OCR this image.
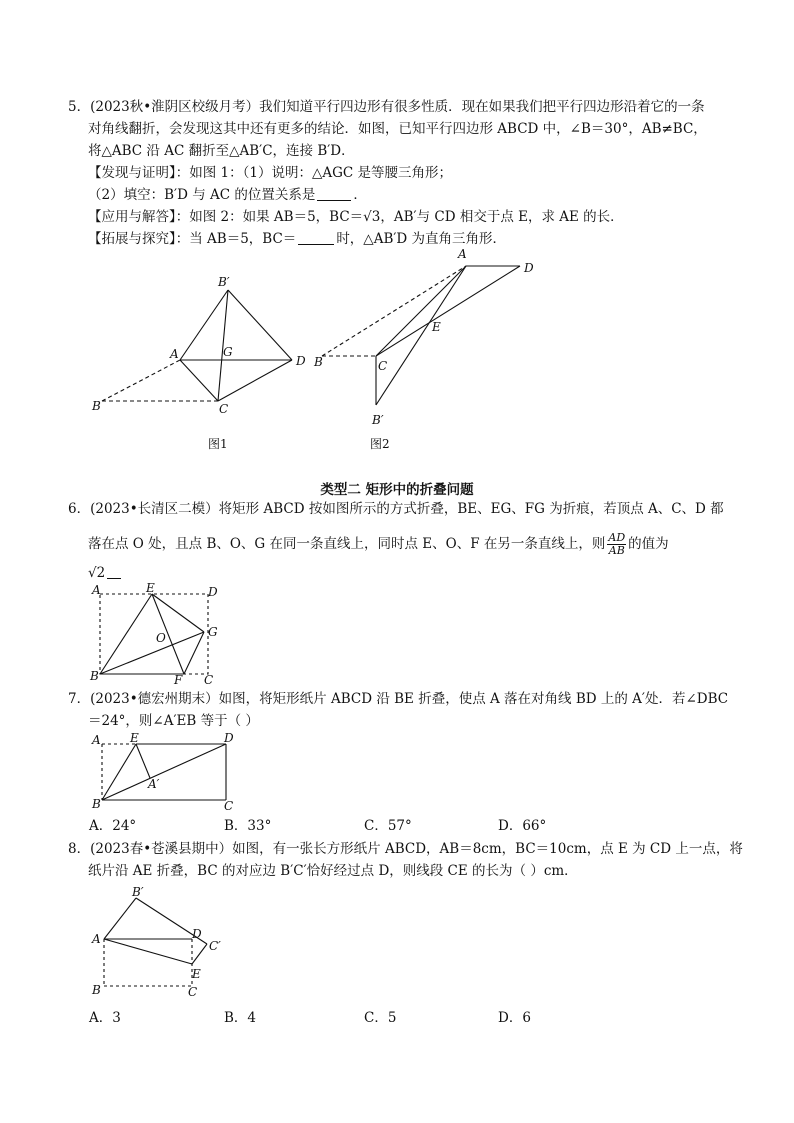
5．(2023秋•淮阴区校级月考）我们知道平行四边形有很多性质．现在如果我们把平行四边形沿着它的一条
对角线翻折，会发现这其中还有更多的结论．如图，已知平行四边形 ABCD 中，∠B＝30°，AB≠BC，
将△ABC 沿 AC 翻折至△AB′C，连接 B′D．
【发现与证明】：如图 1：（1）说明：△AGC 是等腰三角形；
（2）填空：B′D 与 AC 的位置关系是	．
【应用与解答】：如图 2：如果 AB＝5，BC＝√3，AB′与 CD 相交于点 E，求 AE 的长．
【拓展与探究】：当 AB＝5，BC＝	时，△AB′D 为直角三角形．
B′
A	G
D
B	C
图1
A
D
E
B	C
B′
图2
类型二 矩形中的折叠问题
6．(2023•长清区二模）将矩形 ABCD 按如图所示的方式折叠，BE、EG、FG 为折痕，若顶点 A、C、D 都
落在点 O 处，且点 B、O、G 在同一条直线上，同时点 E、O、F 在另一条直线上，则 $\frac{AD}{AB}$ 的值为
√2
A	E	D
O	G
B	F C
7．(2023•德宏州期末）如图，将矩形纸片 ABCD 沿 BE 折叠，使点 A 落在对角线 BD 上的 A′处．若∠DBC
＝24°，则∠A′EB 等于（ ）
A E	D
A′
B	C
A．24°	B．33°	C．57°	D．66°
8．(2023春•苍溪县期中）如图，有一张长方形纸片 ABCD，AB＝8cm，BC＝10cm，点 E 为 CD 上一点，将
纸片沿 AE 折叠，BC 的对应边 B′C′恰好经过点 D，则线段 CE 的长为（ ）cm．
B′
A	D
C′
E
B	C
A．3	B．4	C．5	D．6
